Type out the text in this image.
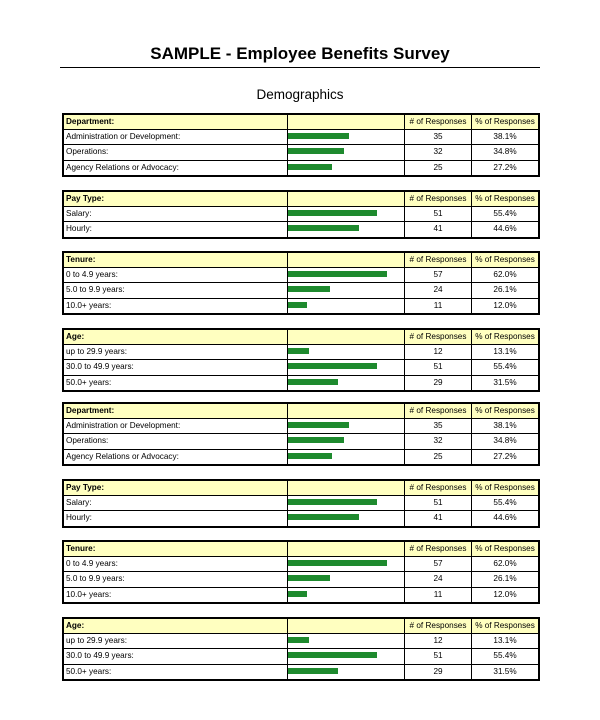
SAMPLE - Employee Benefits Survey
Demographics
Department:		# of Responses	% of Responses
Administration or Development:		35	38.1%
Operations:		32	34.8%
Agency Relations or Advocacy:		25	27.2%
Pay Type:		# of Responses	% of Responses
Salary:		51	55.4%
Hourly:		41	44.6%
Tenure:		# of Responses	% of Responses
0 to 4.9 years:		57	62.0%
5.0 to 9.9 years:		24	26.1%
10.0+ years:		11	12.0%
Age:		# of Responses	% of Responses
up to 29.9 years:		12	13.1%
30.0 to 49.9 years:		51	55.4%
50.0+ years:		29	31.5%
Department:		# of Responses	% of Responses
Administration or Development:		35	38.1%
Operations:		32	34.8%
Agency Relations or Advocacy:		25	27.2%
Pay Type:		# of Responses	% of Responses
Salary:		51	55.4%
Hourly:		41	44.6%
Tenure:		# of Responses	% of Responses
0 to 4.9 years:		57	62.0%
5.0 to 9.9 years:		24	26.1%
10.0+ years:		11	12.0%
Age:		# of Responses	% of Responses
up to 29.9 years:		12	13.1%
30.0 to 49.9 years:		51	55.4%
50.0+ years:		29	31.5%
